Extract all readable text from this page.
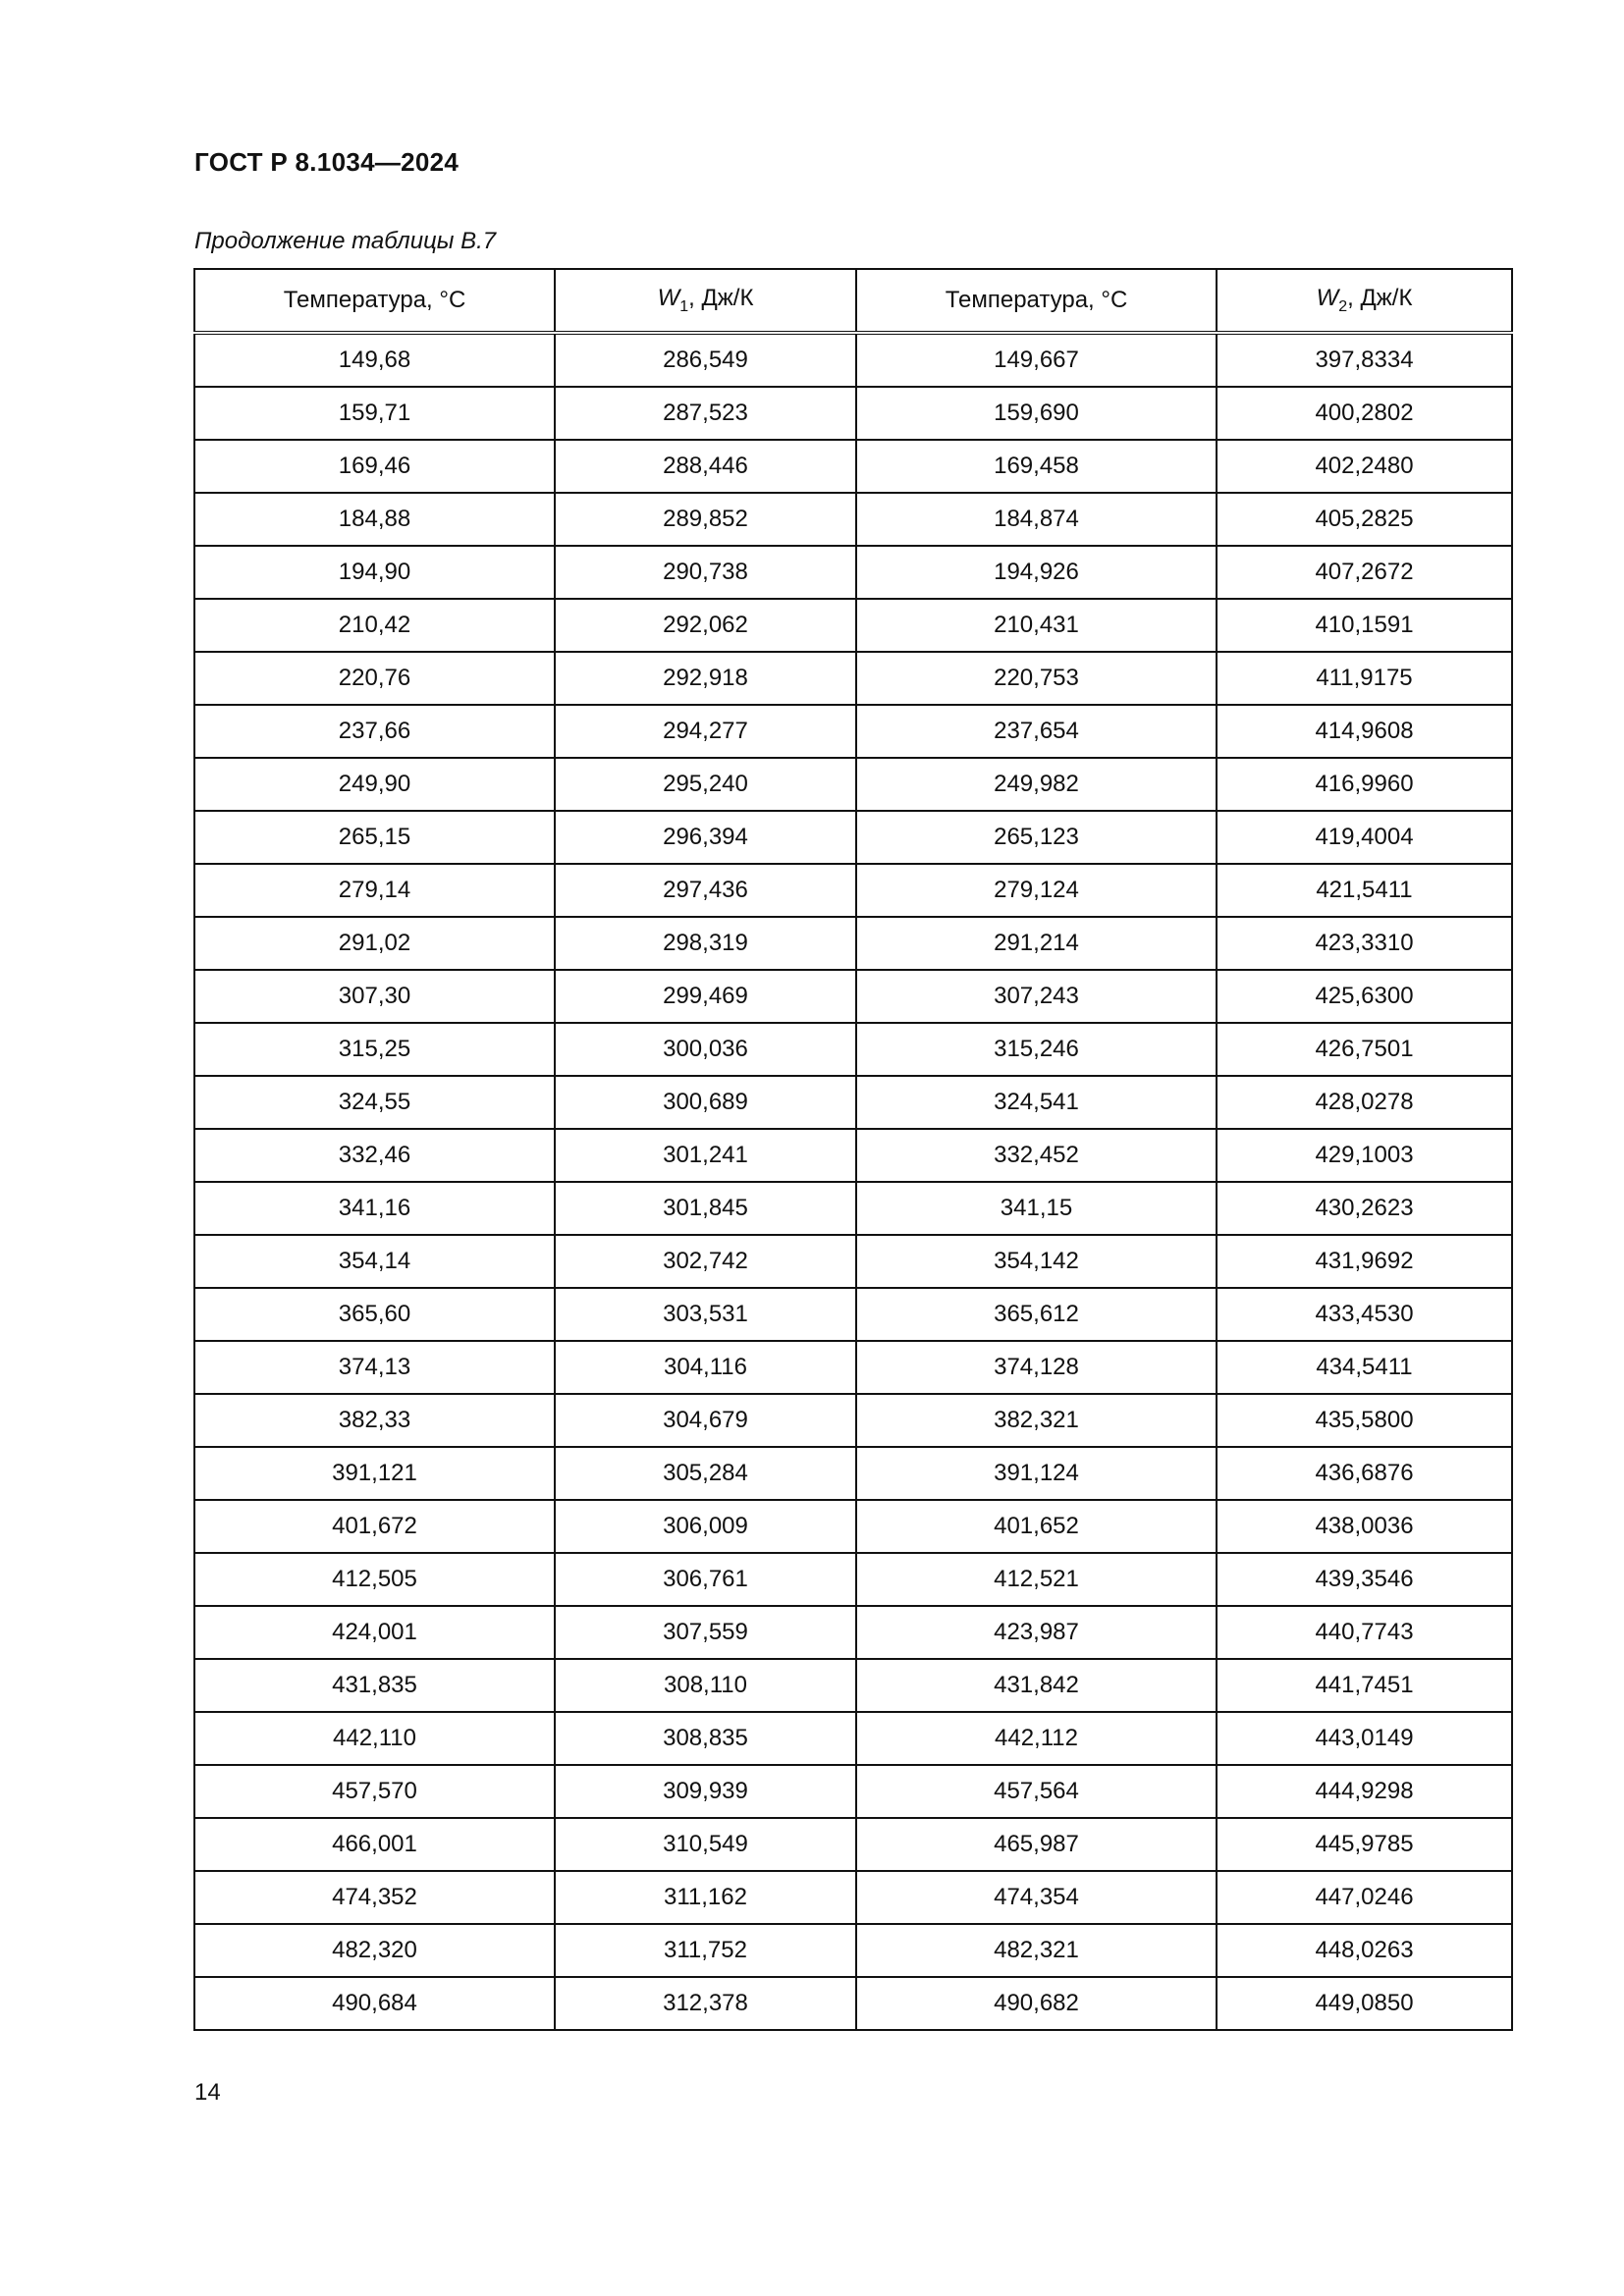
ГОСТ Р 8.1034—2024
Продолжение таблицы В.7
Температура, °С	$W_1$, Дж/К	Температура, °С	$W_2$, Дж/К
149,68	286,549	149,667	397,8334
159,71	287,523	159,690	400,2802
169,46	288,446	169,458	402,2480
184,88	289,852	184,874	405,2825
194,90	290,738	194,926	407,2672
210,42	292,062	210,431	410,1591
220,76	292,918	220,753	411,9175
237,66	294,277	237,654	414,9608
249,90	295,240	249,982	416,9960
265,15	296,394	265,123	419,4004
279,14	297,436	279,124	421,5411
291,02	298,319	291,214	423,3310
307,30	299,469	307,243	425,6300
315,25	300,036	315,246	426,7501
324,55	300,689	324,541	428,0278
332,46	301,241	332,452	429,1003
341,16	301,845	341,15	430,2623
354,14	302,742	354,142	431,9692
365,60	303,531	365,612	433,4530
374,13	304,116	374,128	434,5411
382,33	304,679	382,321	435,5800
391,121	305,284	391,124	436,6876
401,672	306,009	401,652	438,0036
412,505	306,761	412,521	439,3546
424,001	307,559	423,987	440,7743
431,835	308,110	431,842	441,7451
442,110	308,835	442,112	443,0149
457,570	309,939	457,564	444,9298
466,001	310,549	465,987	445,9785
474,352	311,162	474,354	447,0246
482,320	311,752	482,321	448,0263
490,684	312,378	490,682	449,0850
14
